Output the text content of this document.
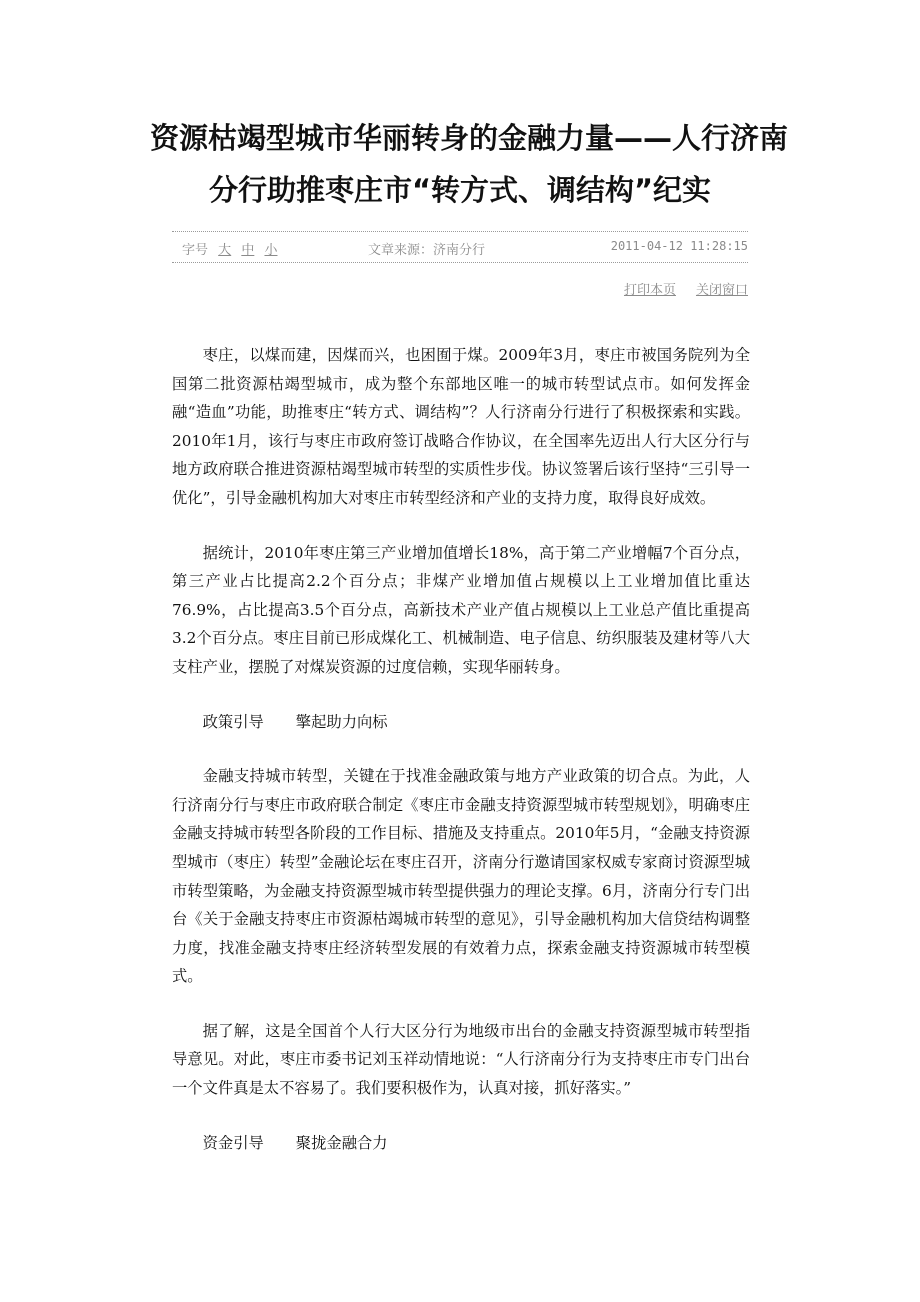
资源枯竭型城市华丽转身的金融力量——人行济南
分行助推枣庄市“转方式、调结构”纪实
字号 大 中 小	文章来源：济南分行	2011-04-12 11:28:15
打印本页 关闭窗口

枣庄，以煤而建，因煤而兴，也困囿于煤。2009年3月，枣庄市被国务院列为全国第二批资源枯竭型城市，成为整个东部地区唯一的城市转型试点市。如何发挥金融“造血”功能，助推枣庄“转方式、调结构”？人行济南分行进行了积极探索和实践。2010年1月，该行与枣庄市政府签订战略合作协议，在全国率先迈出人行大区分行与地方政府联合推进资源枯竭型城市转型的实质性步伐。协议签署后该行坚持“三引导一优化”，引导金融机构加大对枣庄市转型经济和产业的支持力度，取得良好成效。

据统计，2010年枣庄第三产业增加值增长18%，高于第二产业增幅7个百分点，第三产业占比提高2.2个百分点；非煤产业增加值占规模以上工业增加值比重达76.9%，占比提高3.5个百分点，高新技术产业产值占规模以上工业总产值比重提高3.2个百分点。枣庄目前已形成煤化工、机械制造、电子信息、纺织服装及建材等八大支柱产业，摆脱了对煤炭资源的过度信赖，实现华丽转身。

政策引导 擎起助力向标

金融支持城市转型，关键在于找准金融政策与地方产业政策的切合点。为此，人行济南分行与枣庄市政府联合制定《枣庄市金融支持资源型城市转型规划》，明确枣庄金融支持城市转型各阶段的工作目标、措施及支持重点。2010年5月，“金融支持资源型城市（枣庄）转型”金融论坛在枣庄召开，济南分行邀请国家权威专家商讨资源型城市转型策略，为金融支持资源型城市转型提供强力的理论支撑。6月，济南分行专门出台《关于金融支持枣庄市资源枯竭城市转型的意见》，引导金融机构加大信贷结构调整力度，找准金融支持枣庄经济转型发展的有效着力点，探索金融支持资源城市转型模式。

据了解，这是全国首个人行大区分行为地级市出台的金融支持资源型城市转型指导意见。对此，枣庄市委书记刘玉祥动情地说：“人行济南分行为支持枣庄市专门出台一个文件真是太不容易了。我们要积极作为，认真对接，抓好落实。”

资金引导 聚拢金融合力
